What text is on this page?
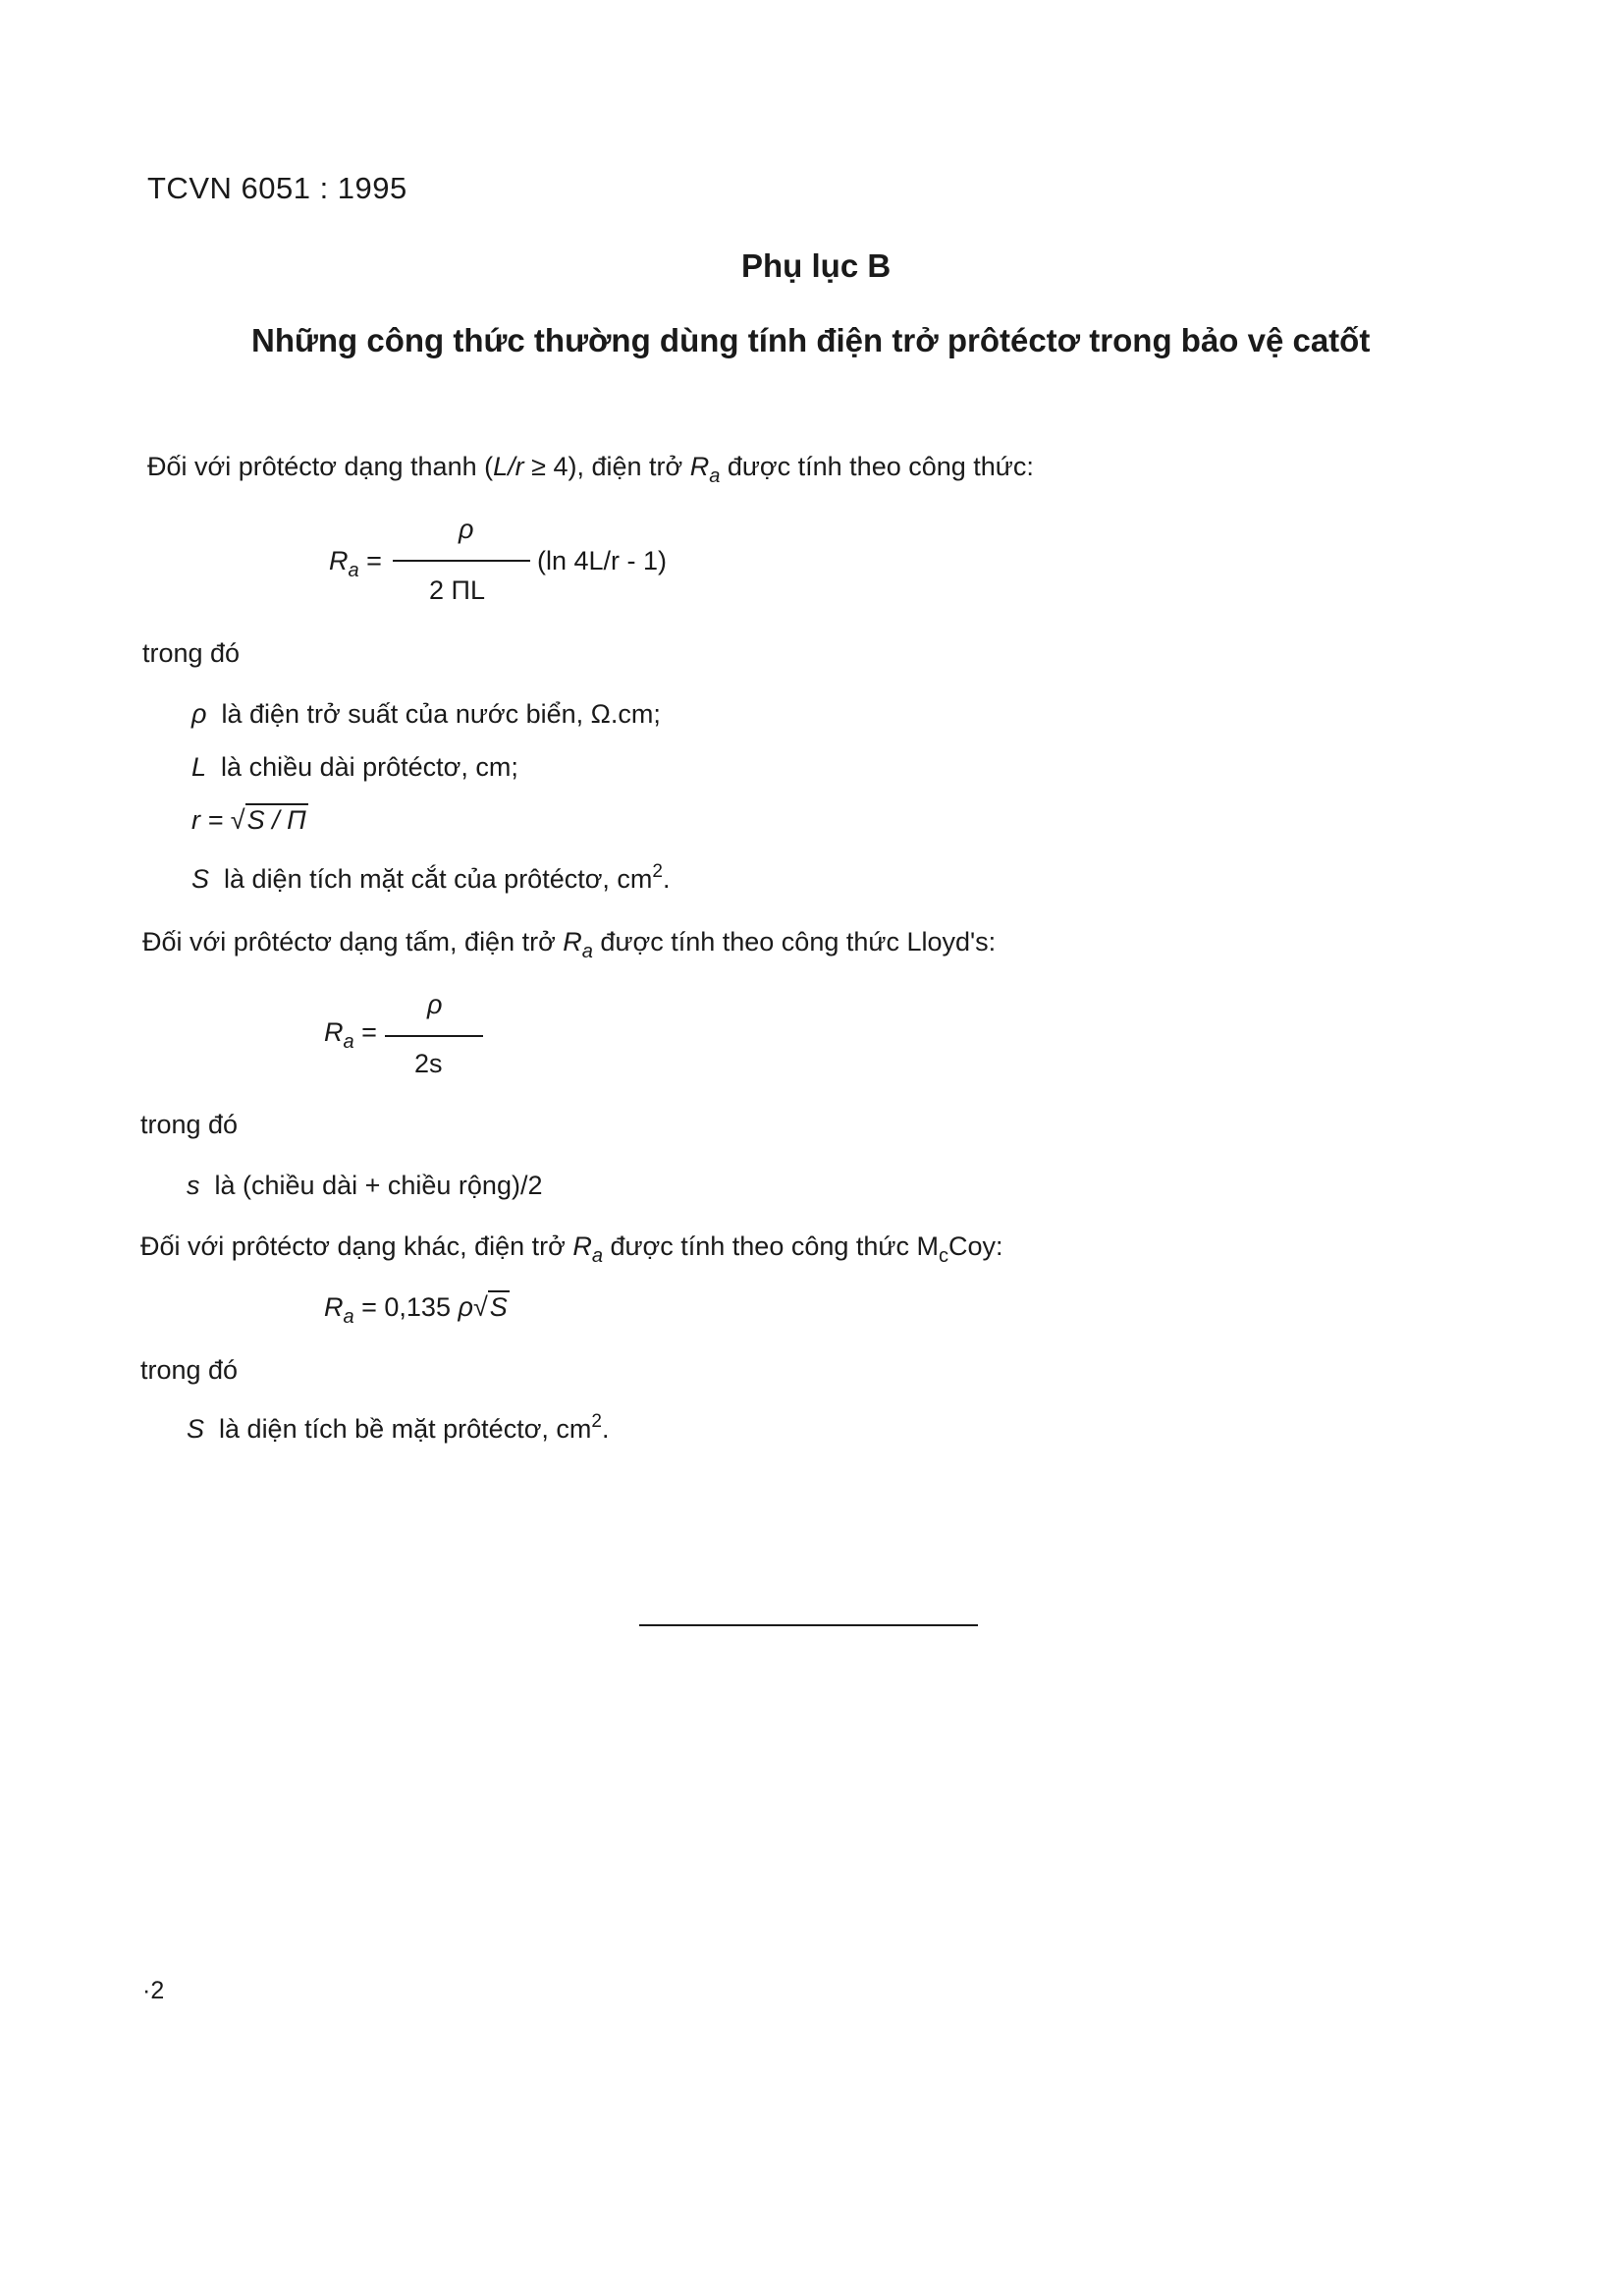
TCVN 6051 : 1995
Phụ lục B
Những công thức thường dùng tính điện trở prôtéctơ trong bảo vệ catốt
Đối với prôtéctơ dạng thanh (L/r ≥ 4), điện trở $R_a$ được tính theo công thức:
$R_a$ =
ρ
2 ΠL
(ln 4L/r - 1)
trong đó
ρ là điện trở suất của nước biển, Ω.cm;
L là chiều dài prôtéctơ, cm;
r = √S / Π
S là diện tích mặt cắt của prôtéctơ, $cm^2$.
Đối với prôtéctơ dạng tấm, điện trở $R_a$ được tính theo công thức Lloyd's:
$R_a$ =
ρ
2s
trong đó
s là (chiều dài + chiều rộng)/2
Đối với prôtéctơ dạng khác, điện trở $R_a$ được tính theo công thức $M_cCoy$:
$R_a = 0,135$ ρ√S
trong đó
S là diện tích bề mặt prôtéctơ, $cm^2$.
·2
